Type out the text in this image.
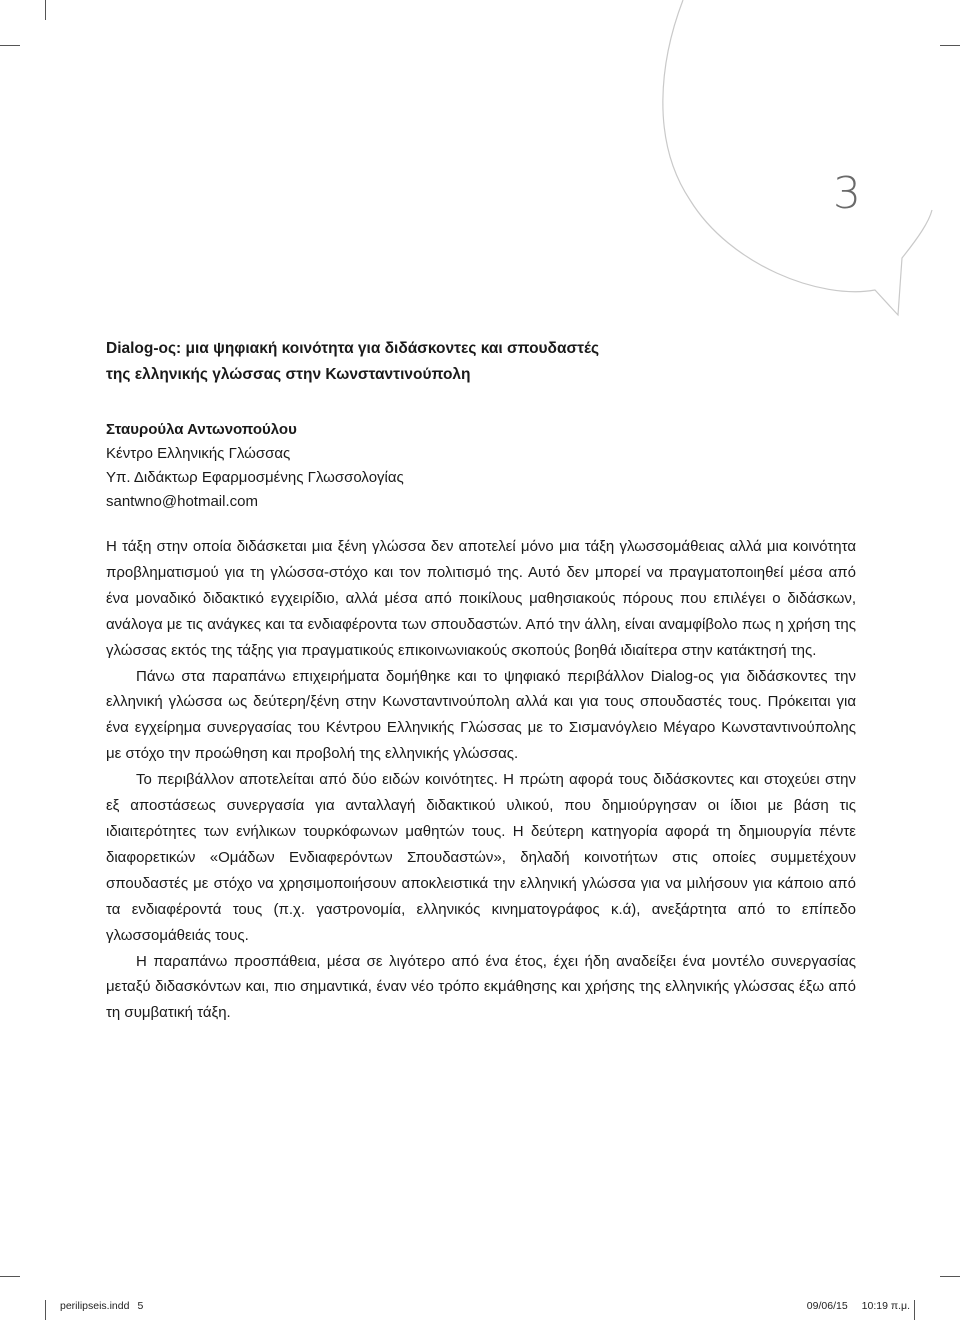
3
Dialog-ος: μια ψηφιακή κοινότητα για διδάσκοντες και σπουδαστές
της ελληνικής γλώσσας στην Κωνσταντινούπολη
Σταυρούλα Αντωνοπούλου
Κέντρο Ελληνικής Γλώσσας
Υπ. Διδάκτωρ Εφαρμοσμένης Γλωσσολογίας
santwno@hotmail.com

Η τάξη στην οποία διδάσκεται μια ξένη γλώσσα δεν αποτελεί μόνο μια τάξη γλωσσομάθειας αλλά μια κοινότητα προβληματισμού για τη γλώσσα-στόχο και τον πολιτισμό της. Αυτό δεν μπορεί να πραγματοποιηθεί μέσα από ένα μοναδικό διδακτικό εγχειρίδιο, αλλά μέσα από ποικίλους μαθησιακούς πόρους που επιλέγει ο διδάσκων, ανάλογα με τις ανάγκες και τα ενδιαφέροντα των σπουδαστών. Από την άλλη, είναι αναμφίβολο πως η χρήση της γλώσσας εκτός της τάξης για πραγματικούς επικοινωνιακούς σκοπούς βοηθά ιδιαίτερα στην κατάκτησή της.

Πάνω στα παραπάνω επιχειρήματα δομήθηκε και το ψηφιακό περιβάλλον Dialog-ος για διδάσκοντες την ελληνική γλώσσα ως δεύτερη/ξένη στην Κωνσταντινούπολη αλλά και για τους σπουδαστές τους. Πρόκειται για ένα εγχείρημα συνεργασίας του Κέντρου Ελληνικής Γλώσσας με το Σισμανόγλειο Μέγαρο Κωνσταντινούπολης με στόχο την προώθηση και προβολή της ελληνικής γλώσσας.

Το περιβάλλον αποτελείται από δύο ειδών κοινότητες. Η πρώτη αφορά τους διδάσκοντες και στοχεύει στην εξ αποστάσεως συνεργασία για ανταλλαγή διδακτικού υλικού, που δημιούργησαν οι ίδιοι με βάση τις ιδιαιτερότητες των ενήλικων τουρκόφωνων μαθητών τους. Η δεύτερη κατηγορία αφορά τη δημιουργία πέντε διαφορετικών «Ομάδων Ενδιαφερόντων Σπουδαστών», δηλαδή κοινοτήτων στις οποίες συμμετέχουν σπουδαστές με στόχο να χρησιμοποιήσουν αποκλειστικά την ελληνική γλώσσα για να μιλήσουν για κάποιο από τα ενδιαφέροντά τους (π.χ. γαστρονομία, ελληνικός κινηματογράφος κ.ά), ανεξάρτητα από το επίπεδο γλωσσομάθειάς τους.

Η παραπάνω προσπάθεια, μέσα σε λιγότερο από ένα έτος, έχει ήδη αναδείξει ένα μοντέλο συνεργασίας μεταξύ διδασκόντων και, πιο σημαντικά, έναν νέο τρόπο εκμάθησης και χρήσης της ελληνικής γλώσσας έξω από τη συμβατική τάξη.

perilipseis.indd 5	09/06/15 10:19 π.μ.
